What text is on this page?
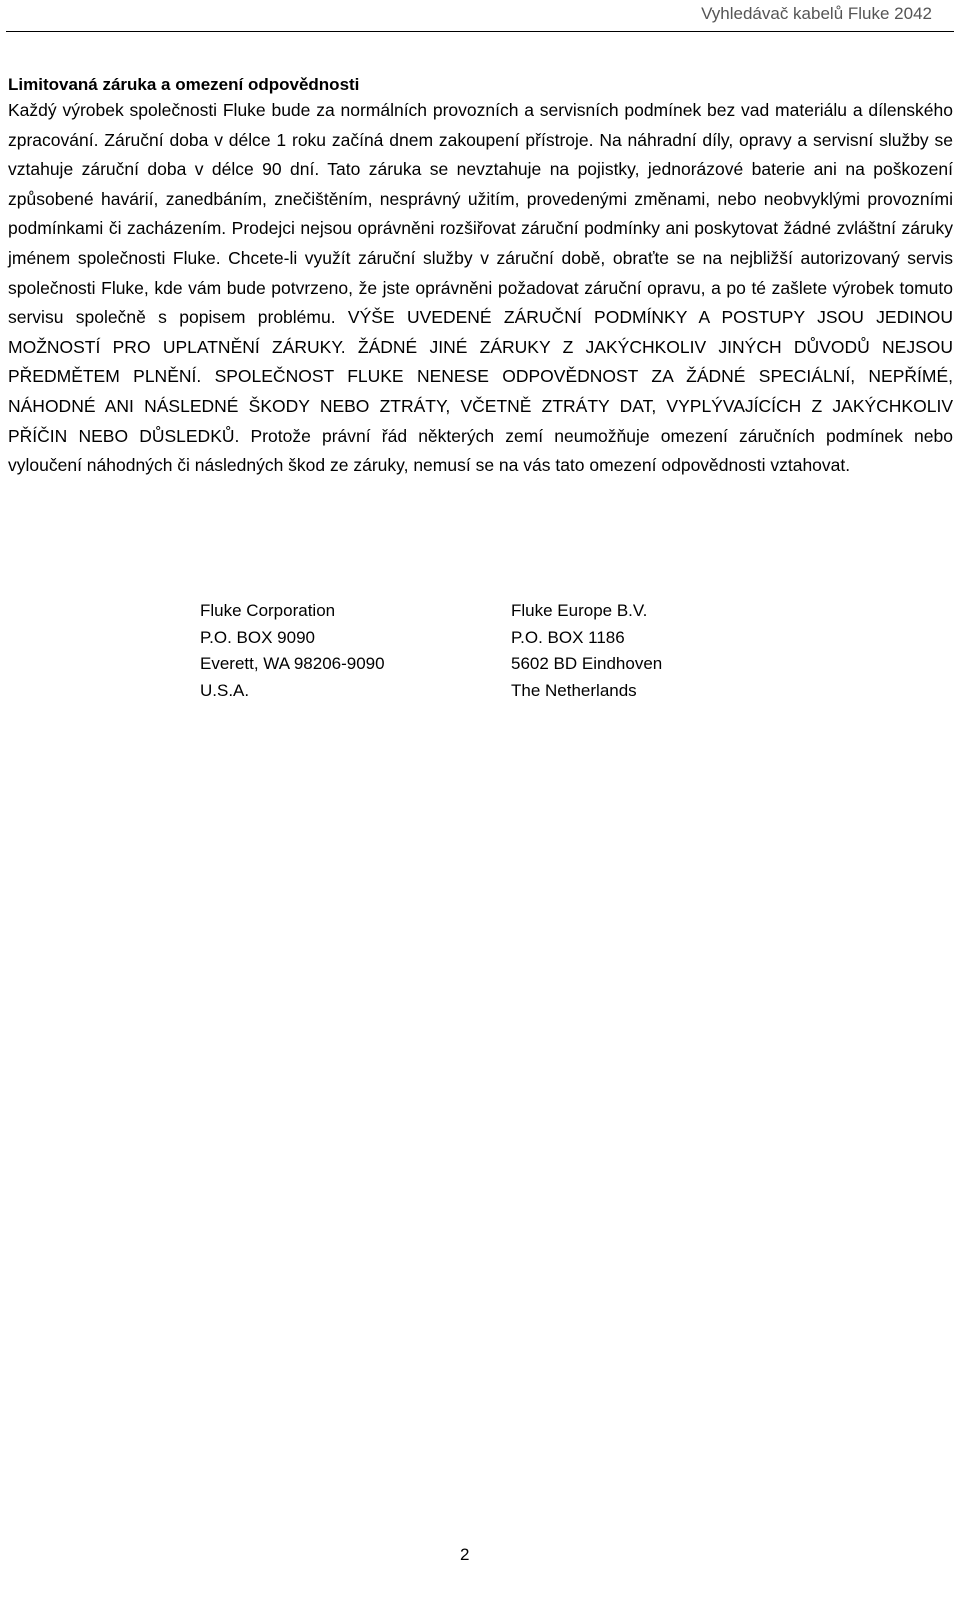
Vyhledávač kabelů Fluke 2042
Limitovaná záruka a omezení odpovědnosti

Každý výrobek společnosti Fluke bude za normálních provozních a servisních podmínek bez vad materiálu a dílenského zpracování. Záruční doba v délce 1 roku začíná dnem zakoupení přístroje. Na náhradní díly, opravy a servisní služby se vztahuje záruční doba v délce 90 dní. Tato záruka se nevztahuje na pojistky, jednorázové baterie ani na poškození způsobené havárií, zanedbáním, znečištěním, nesprávný užitím, provedenými změnami, nebo neobvyklými provozními podmínkami či zacházením. Prodejci nejsou oprávněni rozšiřovat záruční podmínky ani poskytovat žádné zvláštní záruky jménem společnosti Fluke. Chcete-li využít záruční služby v záruční době, obraťte se na nejbližší autorizovaný servis společnosti Fluke, kde vám bude potvrzeno, že jste oprávněni požadovat záruční opravu, a po té zašlete výrobek tomuto servisu společně s popisem problému. VÝŠE UVEDENÉ ZÁRUČNÍ PODMÍNKY A POSTUPY JSOU JEDINOU MOŽNOSTÍ PRO UPLATNĚNÍ ZÁRUKY. ŽÁDNÉ JINÉ ZÁRUKY Z JAKÝCHKOLIV JINÝCH DŮVODŮ NEJSOU PŘEDMĚTEM PLNĚNÍ. SPOLEČNOST FLUKE NENESE ODPOVĚDNOST ZA ŽÁDNÉ SPECIÁLNÍ, NEPŘÍMÉ, NÁHODNÉ ANI NÁSLEDNÉ ŠKODY NEBO ZTRÁTY, VČETNĚ ZTRÁTY DAT, VYPLÝVAJÍCÍCH Z JAKÝCHKOLIV PŘÍČIN NEBO DŮSLEDKŮ. Protože právní řád některých zemí neumožňuje omezení záručních podmínek nebo vyloučení náhodných či následných škod ze záruky, nemusí se na vás tato omezení odpovědnosti vztahovat.

Fluke Corporation
P.O. BOX 9090
Everett, WA 98206-9090
U.S.A.
Fluke Europe B.V.
P.O. BOX 1186
5602 BD Eindhoven
The Netherlands
2
